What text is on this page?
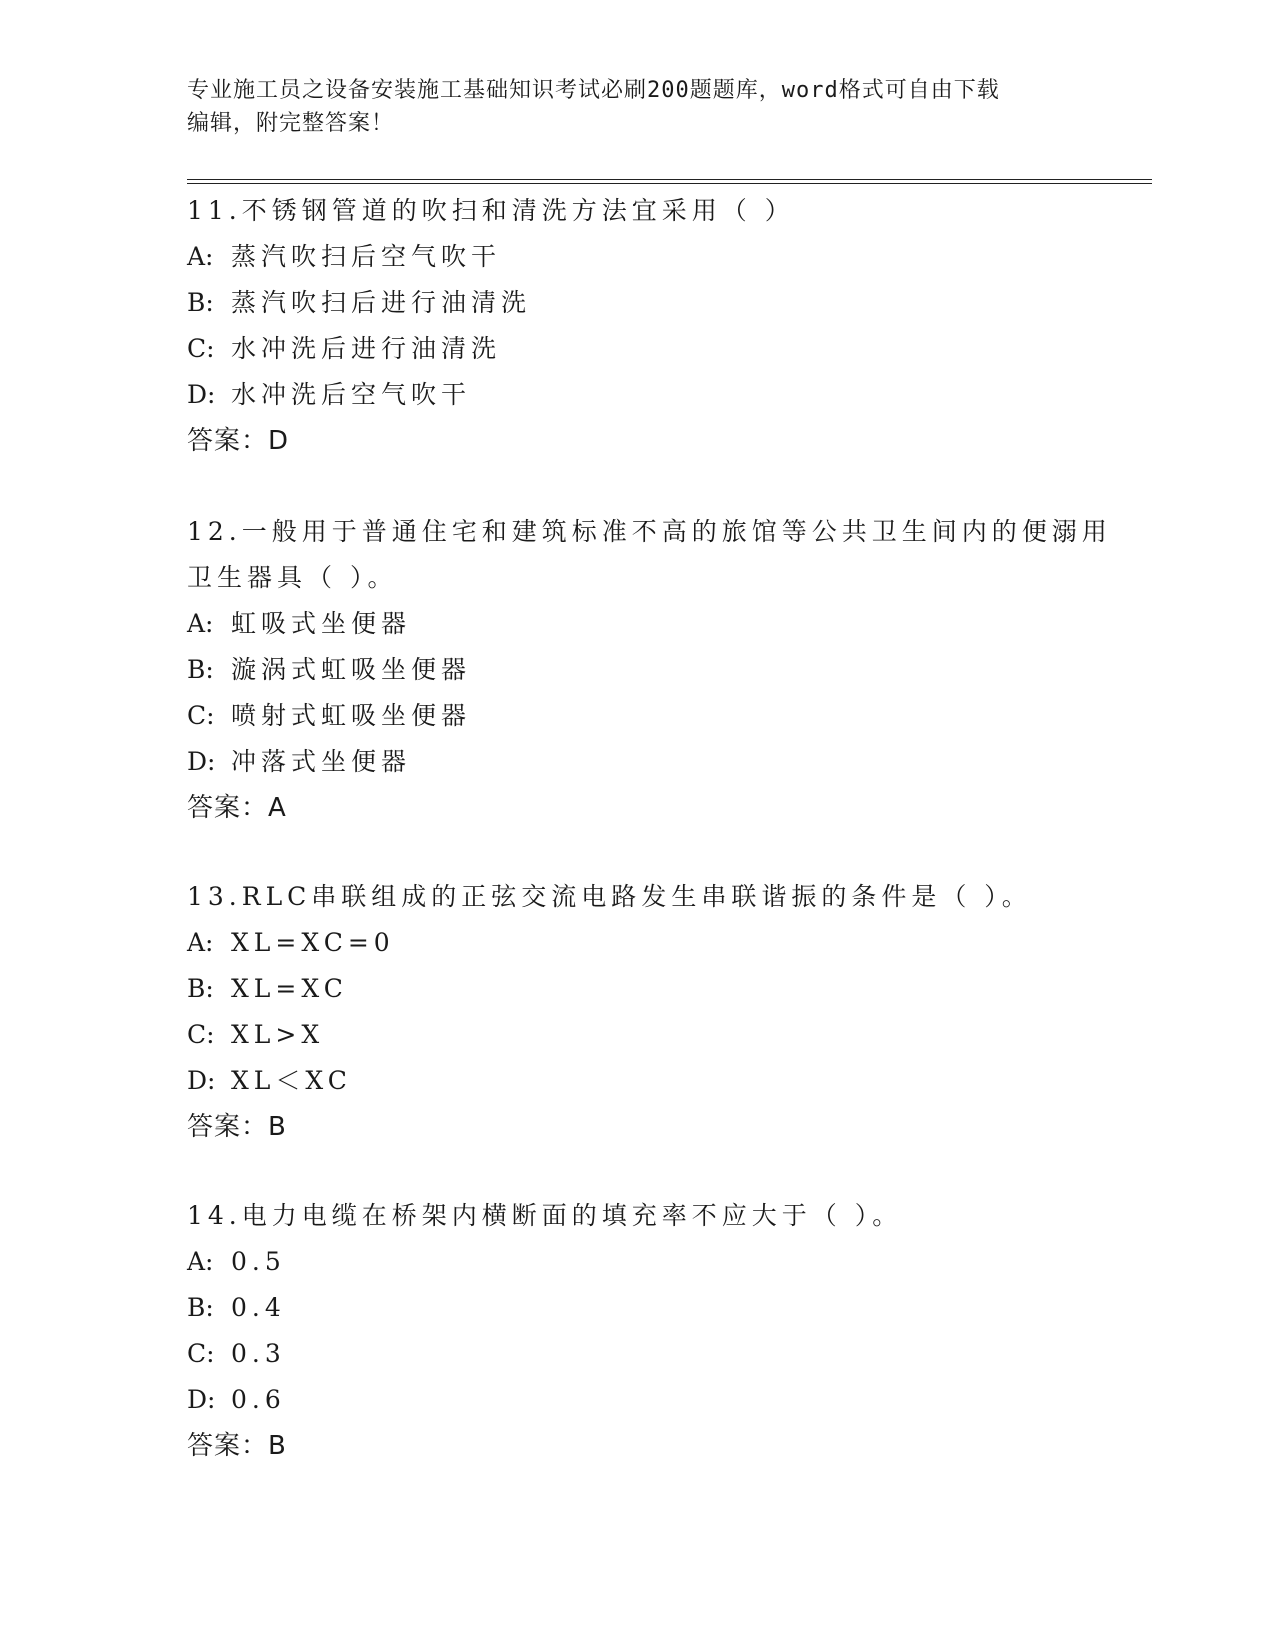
专业施工员之设备安装施工基础知识考试必刷200题题库，word格式可自由下载
编辑，附完整答案！
11.不锈钢管道的吹扫和清洗方法宜采用（ ）
A: 蒸汽吹扫后空气吹干
B: 蒸汽吹扫后进行油清洗
C: 水冲洗后进行油清洗
D: 水冲洗后空气吹干
答案：D
12.一般用于普通住宅和建筑标准不高的旅馆等公共卫生间内的便溺用
卫生器具（ ）。
A: 虹吸式坐便器
B: 漩涡式虹吸坐便器
C: 喷射式虹吸坐便器
D: 冲落式坐便器
答案：A
13.RLC串联组成的正弦交流电路发生串联谐振的条件是（ ）。
A: XL=XC=0
B: XL=XC
C: XL>X
D: XL＜XC
答案：B
14.电力电缆在桥架内横断面的填充率不应大于（ ）。
A: 0.5
B: 0.4
C: 0.3
D: 0.6
答案：B
